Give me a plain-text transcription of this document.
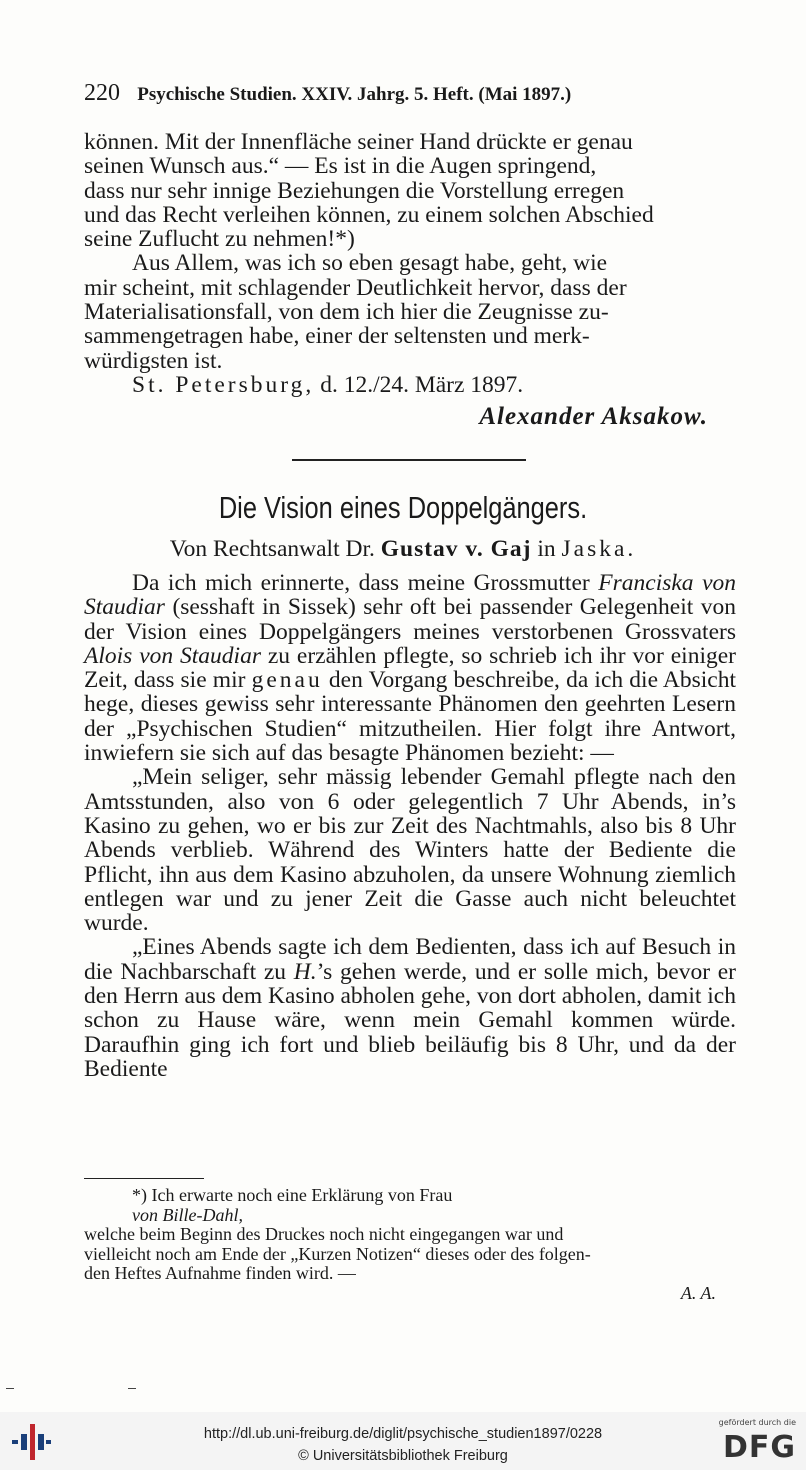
220 Psychische Studien. XXIV. Jahrg. 5. Heft. (Mai 1897.)
können. Mit der Innenfläche seiner Hand drückte er genau
seinen Wunsch aus.“ — Es ist in die Augen springend,
dass nur sehr innige Beziehungen die Vorstellung erregen
und das Recht verleihen können, zu einem solchen Abschied
seine Zuflucht zu nehmen!*)
Aus Allem, was ich so eben gesagt habe, geht, wie
mir scheint, mit schlagender Deutlichkeit hervor, dass der
Materialisationsfall, von dem ich hier die Zeugnisse zu-
sammengetragen habe, einer der seltensten und merk-
würdigsten ist.
St. Petersburg, d. 12./24. März 1897.
Alexander Aksakow.
Die Vision eines Doppelgängers.
Von Rechtsanwalt Dr. Gustav v. Gaj in Jaska.

Da ich mich erinnerte, dass meine Grossmutter Franciska von Staudiar (sesshaft in Sissek) sehr oft bei passender Gelegenheit von der Vision eines Doppelgängers meines verstorbenen Grossvaters Alois von Staudiar zu erzählen pflegte, so schrieb ich ihr vor einiger Zeit, dass sie mir genau den Vorgang beschreibe, da ich die Absicht hege, dieses gewiss sehr interessante Phänomen den geehrten Lesern der „Psychischen Studien“ mitzutheilen. Hier folgt ihre Antwort, inwiefern sie sich auf das besagte Phänomen bezieht: —

„Mein seliger, sehr mässig lebender Gemahl pflegte nach den Amtsstunden, also von 6 oder gelegentlich 7 Uhr Abends, in’s Kasino zu gehen, wo er bis zur Zeit des Nachtmahls, also bis 8 Uhr Abends verblieb. Während des Winters hatte der Bediente die Pflicht, ihn aus dem Kasino abzuholen, da unsere Wohnung ziemlich entlegen war und zu jener Zeit die Gasse auch nicht beleuchtet wurde.

„Eines Abends sagte ich dem Bedienten, dass ich auf Besuch in die Nachbarschaft zu H.’s gehen werde, und er solle mich, bevor er den Herrn aus dem Kasino abholen gehe, von dort abholen, damit ich schon zu Hause wäre, wenn mein Gemahl kommen würde. Daraufhin ging ich fort und blieb beiläufig bis 8 Uhr, und da der Bediente

*) Ich erwarte noch eine Erklärung von Frau
von Bille-Dahl,
welche beim Beginn des Druckes noch nicht eingegangen war und
vielleicht noch am Ende der „Kurzen Notizen“ dieses oder des folgen-
den Heftes Aufnahme finden wird. —
A. A.
http://dl.ub.uni-freiburg.de/diglit/psychische_studien1897/0228
© Universitätsbibliothek Freiburg
gefördert durch die
DFG
